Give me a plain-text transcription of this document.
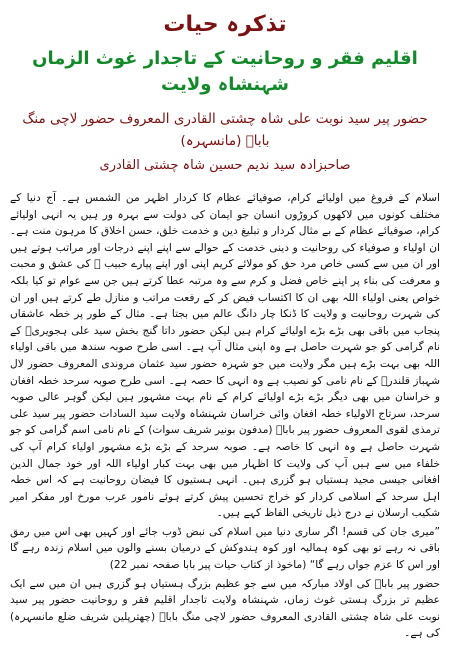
تذکرہ حیات
اقلیم فقر و روحانیت کے تاجدار غوث الزماں شہنشاہ ولایت
حضور پیر سید نوبت علی شاہ چشتی القادری المعروف حضور لاچی منگ باباؒ (مانسہرہ)
صاحبزادہ سید ندیم حسین شاہ چشتی القادری

اسلام کے فروغ میں اولیائے کرام، صوفیائے عظام کا کردار اظہر من الشمس ہے۔ آج دنیا کے مختلف کونوں میں لاکھوں کروڑوں انسان جو ایمان کی دولت سے بہرہ ور ہیں یہ انہی اولیائے کرام، صوفیائے عظام کے بے مثال کردار و تبلیغ دین و خدمت خلق، حسن اخلاق کا مرہون منت ہے۔ ان اولیاء و صوفیاء کی روحانیت و دینی خدمت کے حوالے سے اپنے اپنے درجات اور مراتب ہوتے ہیں اور ان میں سے کسی خاص مرد حق کو مولائے کریم اپنی اور اپنے پیارے حبیب ﷺ کی عشق و محبت و معرفت کی بناء پر اپنے خاص فضل و کرم سے وہ مرتبہ عطا کرتے ہیں جن سے عوام تو کیا بلکہ خواص یعنی اولیاء اللہ بھی ان کا اکتساب فیض کر کے رفعت مراتب و منازل طے کرتے ہیں اور ان کی شہرت روحانیت و ولایت کا ڈنکا چار دانگ عالم میں بجتا ہے۔ مثال کے طور پر خطہ عاشقاں پنجاب میں باقی بھی بڑے بڑے اولیائے کرام ہیں لیکن حضور داتا گنج بخش سید علی ہجویریؒ کے نام گرامی کو جو شہرت حاصل ہے وہ اپنی مثال آپ ہے۔ اسی طرح صوبہ سندھ میں باقی اولیاء اللہ بھی بہت بڑے ہیں مگر ولایت میں جو شہرہ حضور سید عثمان مروندی المعروف حضور لال شہباز قلندرؒ کے نام نامی کو نصیب ہے وہ انہی کا حصہ ہے۔ اسی طرح صوبہ سرحد خطہ افغان و خراسان میں بھی دیگر بڑے بڑے اولیائے کرام کے نام بہت مشہور ہیں لیکن گوہر عالی صوبہ سرحد، سرتاج الاولیاء خطہ افغان وائی خراسان شہنشاہ ولایت سید السادات حضور پیر سید علی ترمذی لقوی المعروف حضور پیر باباؒ (مدفون بونیر شریف سوات) کے نام نامی اسم گرامی کو جو شہرت حاصل ہے وہ انہی کا خاصہ ہے۔ صوبہ سرحد کے بڑے بڑے مشہور اولیاء کرام آپ کی خلفاء میں سے ہیں آپ کی ولایت کا اظہار میں بھی بہت کبار اولیاء اللہ اور خود جمال الدین افغانی جیسی مجید ہستیاں ہو گزری ہیں۔ انہی ہستیوں کا فیضان روحانیت ہے کہ اس خطہ اہل سرحد کے اسلامی کردار کو خراج تحسین پیش کرتے ہوئے نامور عرب مورخ اور مفکر امیر شکیب ارسلان نے درج ذیل تاریخی الفاظ کہے ہیں۔

”میری جان کی قسم! اگر ساری دنیا میں اسلام کی نبض ڈوب جائے اور کہیں بھی اس میں رمق باقی نہ رہے تو بھی کوہ ہمالیہ اور کوہ ہندوکش کے درمیان بسنے والوں میں اسلام زندہ رہے گا اور اس کا عزم جواں رہے گا“ (ماخوذ از کتاب حیات پیر بابا صفحہ نمبر 22)

حضور پیر باباؒ کی اولاد مبارکہ میں سے جو عظیم بزرگ ہستیاں ہو گزری ہیں ان میں سے ایک عظیم تر بزرگ ہستی غوث زماں، شہنشاہ ولایت تاجدار اقلیم فقر و روحانیت حضور پیر سید نوبت علی شاہ چشتی القادری المعروف حضور لاچی منگ باباؒ (چھترپلین شریف ضلع مانسہرہ) کی ہے۔
